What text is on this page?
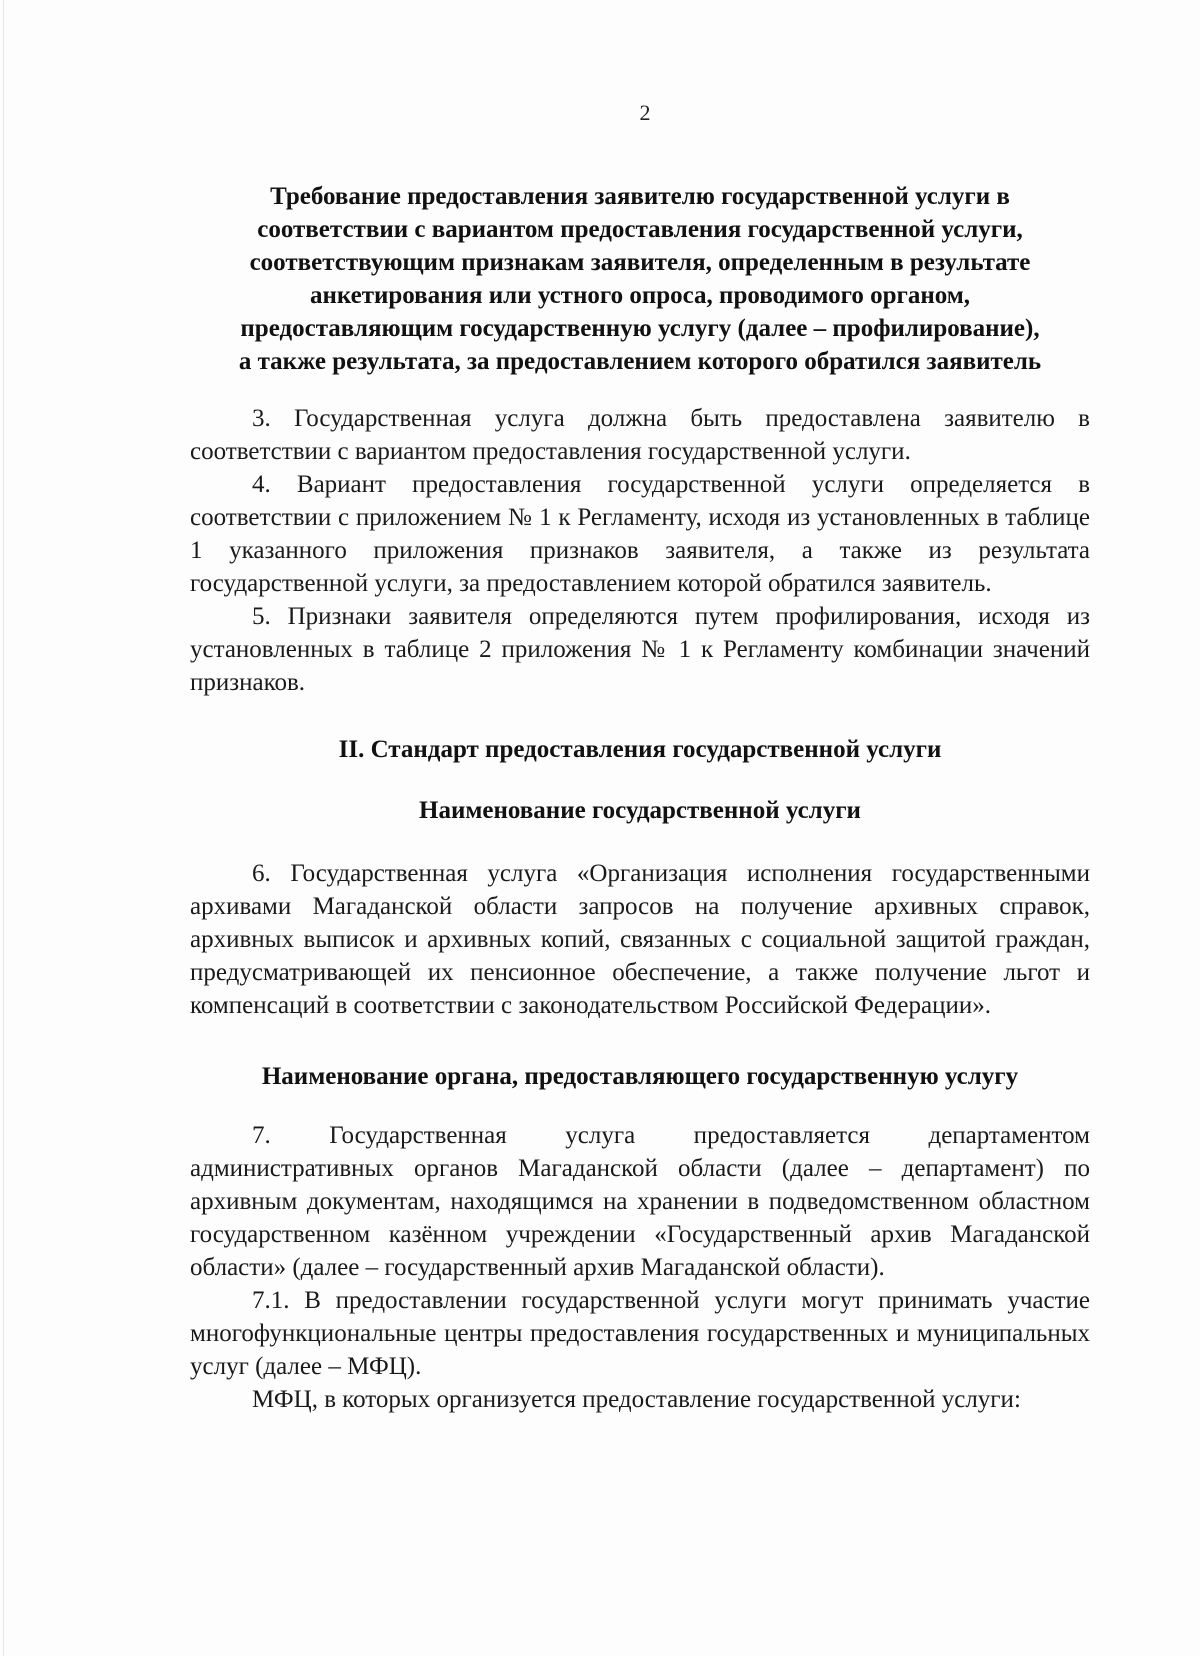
2
Требование предоставления заявителю государственной услуги в
соответствии с вариантом предоставления государственной услуги,
соответствующим признакам заявителя, определенным в результате
анкетирования или устного опроса, проводимого органом,
предоставляющим государственную услугу (далее – профилирование),
а также результата, за предоставлением которого обратился заявитель

3. Государственная услуга должна быть предоставлена заявителю в соответствии с вариантом предоставления государственной услуги.

4. Вариант предоставления государственной услуги определяется в соответствии с приложением № 1 к Регламенту, исходя из установленных в таблице 1 указанного приложения признаков заявителя, а также из результата государственной услуги, за предоставлением которой обратился заявитель.

5. Признаки заявителя определяются путем профилирования, исходя из установленных в таблице 2 приложения № 1 к Регламенту комбинации значений признаков.

II. Стандарт предоставления государственной услуги
Наименование государственной услуги

6. Государственная услуга «Организация исполнения государственными архивами Магаданской области запросов на получение архивных справок, архивных выписок и архивных копий, связанных с социальной защитой граждан, предусматривающей их пенсионное обеспечение, а также получение льгот и компенсаций в соответствии с законодательством Российской Федерации».

Наименование органа, предоставляющего государственную услугу

7. Государственная услуга предоставляется департаментом административных органов Магаданской области (далее – департамент) по архивным документам, находящимся на хранении в подведомственном областном государственном казённом учреждении «Государственный архив Магаданской области» (далее – государственный архив Магаданской области).

7.1. В предоставлении государственной услуги могут принимать участие многофункциональные центры предоставления государственных и муниципальных услуг (далее – МФЦ).

МФЦ, в которых организуется предоставление государственной услуги:
